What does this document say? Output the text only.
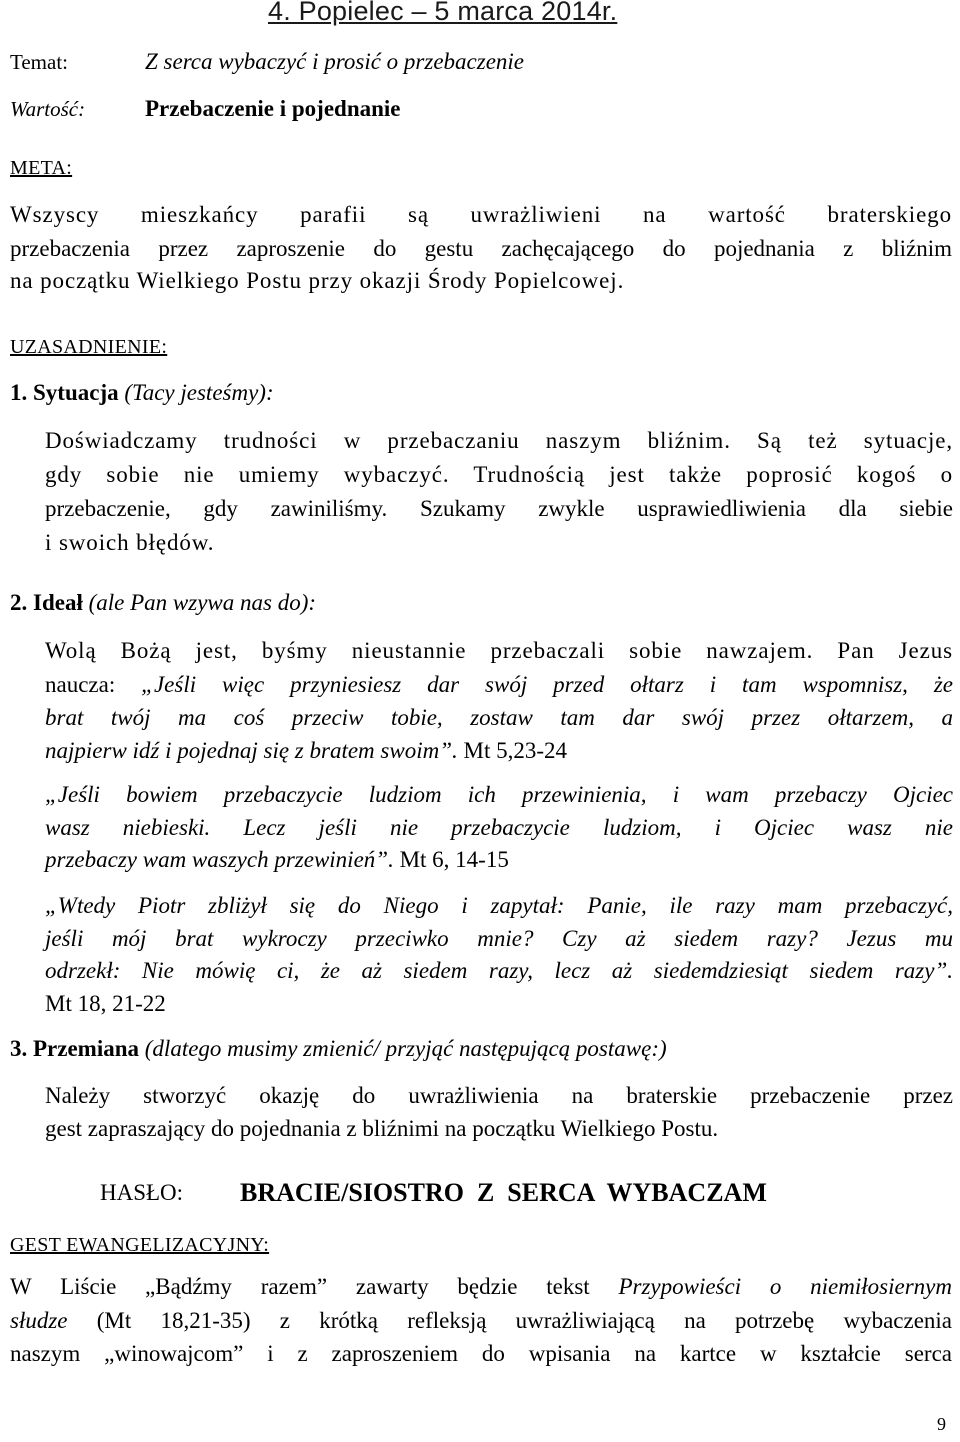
4. Popielec – 5 marca 2014r.
Temat:	Z serca wybaczyć i prosić o przebaczenie
Wartość:	Przebaczenie i pojednanie
META:
Wszyscy mieszkańcy parafii są uwrażliwieni na wartość braterskiego
przebaczenia przez zaproszenie do gestu zachęcającego do pojednania z bliźnim
na początku Wielkiego Postu przy okazji Środy Popielcowej.
UZASADNIENIE:
1. Sytuacja (Tacy jesteśmy):
Doświadczamy trudności w przebaczaniu naszym bliźnim. Są też sytuacje,
gdy sobie nie umiemy wybaczyć. Trudnością jest także poprosić kogoś o
przebaczenie, gdy zawiniliśmy. Szukamy zwykle usprawiedliwienia dla siebie
i swoich błędów.
2. Ideał (ale Pan wzywa nas do):
Wolą Bożą jest, byśmy nieustannie przebaczali sobie nawzajem. Pan Jezus
naucza: „Jeśli więc przyniesiesz dar swój przed ołtarz i tam wspomnisz, że
brat twój ma coś przeciw tobie, zostaw tam dar swój przez ołtarzem, a
najpierw idź i pojednaj się z bratem swoim”. Mt 5,23-24
„Jeśli bowiem przebaczycie ludziom ich przewinienia, i wam przebaczy Ojciec
wasz niebieski. Lecz jeśli nie przebaczycie ludziom, i Ojciec wasz nie
przebaczy wam waszych przewinień”. Mt 6, 14-15
„Wtedy Piotr zbliżył się do Niego i zapytał: Panie, ile razy mam przebaczyć,
jeśli mój brat wykroczy przeciwko mnie? Czy aż siedem razy? Jezus mu
odrzekł: Nie mówię ci, że aż siedem razy, lecz aż siedemdziesiąt siedem razy”.
Mt 18, 21-22
3. Przemiana (dlatego musimy zmienić/ przyjąć następującą postawę:)
Należy stworzyć okazję do uwrażliwienia na braterskie przebaczenie przez
gest zapraszający do pojednania z bliźnimi na początku Wielkiego Postu.
HASŁO: BRACIE/SIOSTRO  Z  SERCA  WYBACZAM
GEST EWANGELIZACYJNY:
W Liście „Bądźmy razem” zawarty będzie tekst Przypowieści o niemiłosiernym
słudze (Mt 18,21-35) z krótką refleksją uwrażliwiającą na potrzebę wybaczenia
naszym „winowajcom” i z zaproszeniem do wpisania na kartce w kształcie serca
9
